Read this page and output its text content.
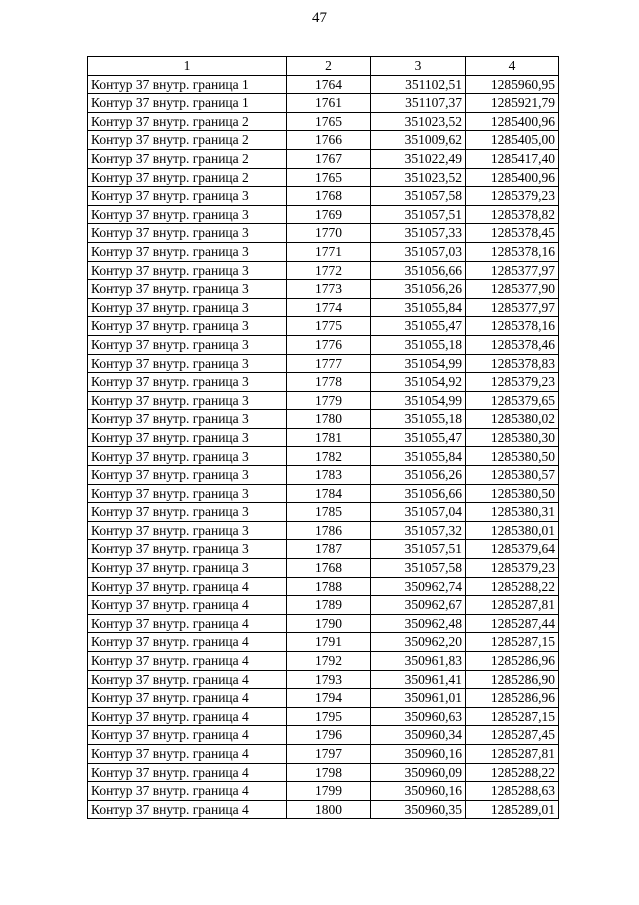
47
1	2	3	4
Контур 37 внутр. граница 1	1764	351102,51	1285960,95
Контур 37 внутр. граница 1	1761	351107,37	1285921,79
Контур 37 внутр. граница 2	1765	351023,52	1285400,96
Контур 37 внутр. граница 2	1766	351009,62	1285405,00
Контур 37 внутр. граница 2	1767	351022,49	1285417,40
Контур 37 внутр. граница 2	1765	351023,52	1285400,96
Контур 37 внутр. граница 3	1768	351057,58	1285379,23
Контур 37 внутр. граница 3	1769	351057,51	1285378,82
Контур 37 внутр. граница 3	1770	351057,33	1285378,45
Контур 37 внутр. граница 3	1771	351057,03	1285378,16
Контур 37 внутр. граница 3	1772	351056,66	1285377,97
Контур 37 внутр. граница 3	1773	351056,26	1285377,90
Контур 37 внутр. граница 3	1774	351055,84	1285377,97
Контур 37 внутр. граница 3	1775	351055,47	1285378,16
Контур 37 внутр. граница 3	1776	351055,18	1285378,46
Контур 37 внутр. граница 3	1777	351054,99	1285378,83
Контур 37 внутр. граница 3	1778	351054,92	1285379,23
Контур 37 внутр. граница 3	1779	351054,99	1285379,65
Контур 37 внутр. граница 3	1780	351055,18	1285380,02
Контур 37 внутр. граница 3	1781	351055,47	1285380,30
Контур 37 внутр. граница 3	1782	351055,84	1285380,50
Контур 37 внутр. граница 3	1783	351056,26	1285380,57
Контур 37 внутр. граница 3	1784	351056,66	1285380,50
Контур 37 внутр. граница 3	1785	351057,04	1285380,31
Контур 37 внутр. граница 3	1786	351057,32	1285380,01
Контур 37 внутр. граница 3	1787	351057,51	1285379,64
Контур 37 внутр. граница 3	1768	351057,58	1285379,23
Контур 37 внутр. граница 4	1788	350962,74	1285288,22
Контур 37 внутр. граница 4	1789	350962,67	1285287,81
Контур 37 внутр. граница 4	1790	350962,48	1285287,44
Контур 37 внутр. граница 4	1791	350962,20	1285287,15
Контур 37 внутр. граница 4	1792	350961,83	1285286,96
Контур 37 внутр. граница 4	1793	350961,41	1285286,90
Контур 37 внутр. граница 4	1794	350961,01	1285286,96
Контур 37 внутр. граница 4	1795	350960,63	1285287,15
Контур 37 внутр. граница 4	1796	350960,34	1285287,45
Контур 37 внутр. граница 4	1797	350960,16	1285287,81
Контур 37 внутр. граница 4	1798	350960,09	1285288,22
Контур 37 внутр. граница 4	1799	350960,16	1285288,63
Контур 37 внутр. граница 4	1800	350960,35	1285289,01
